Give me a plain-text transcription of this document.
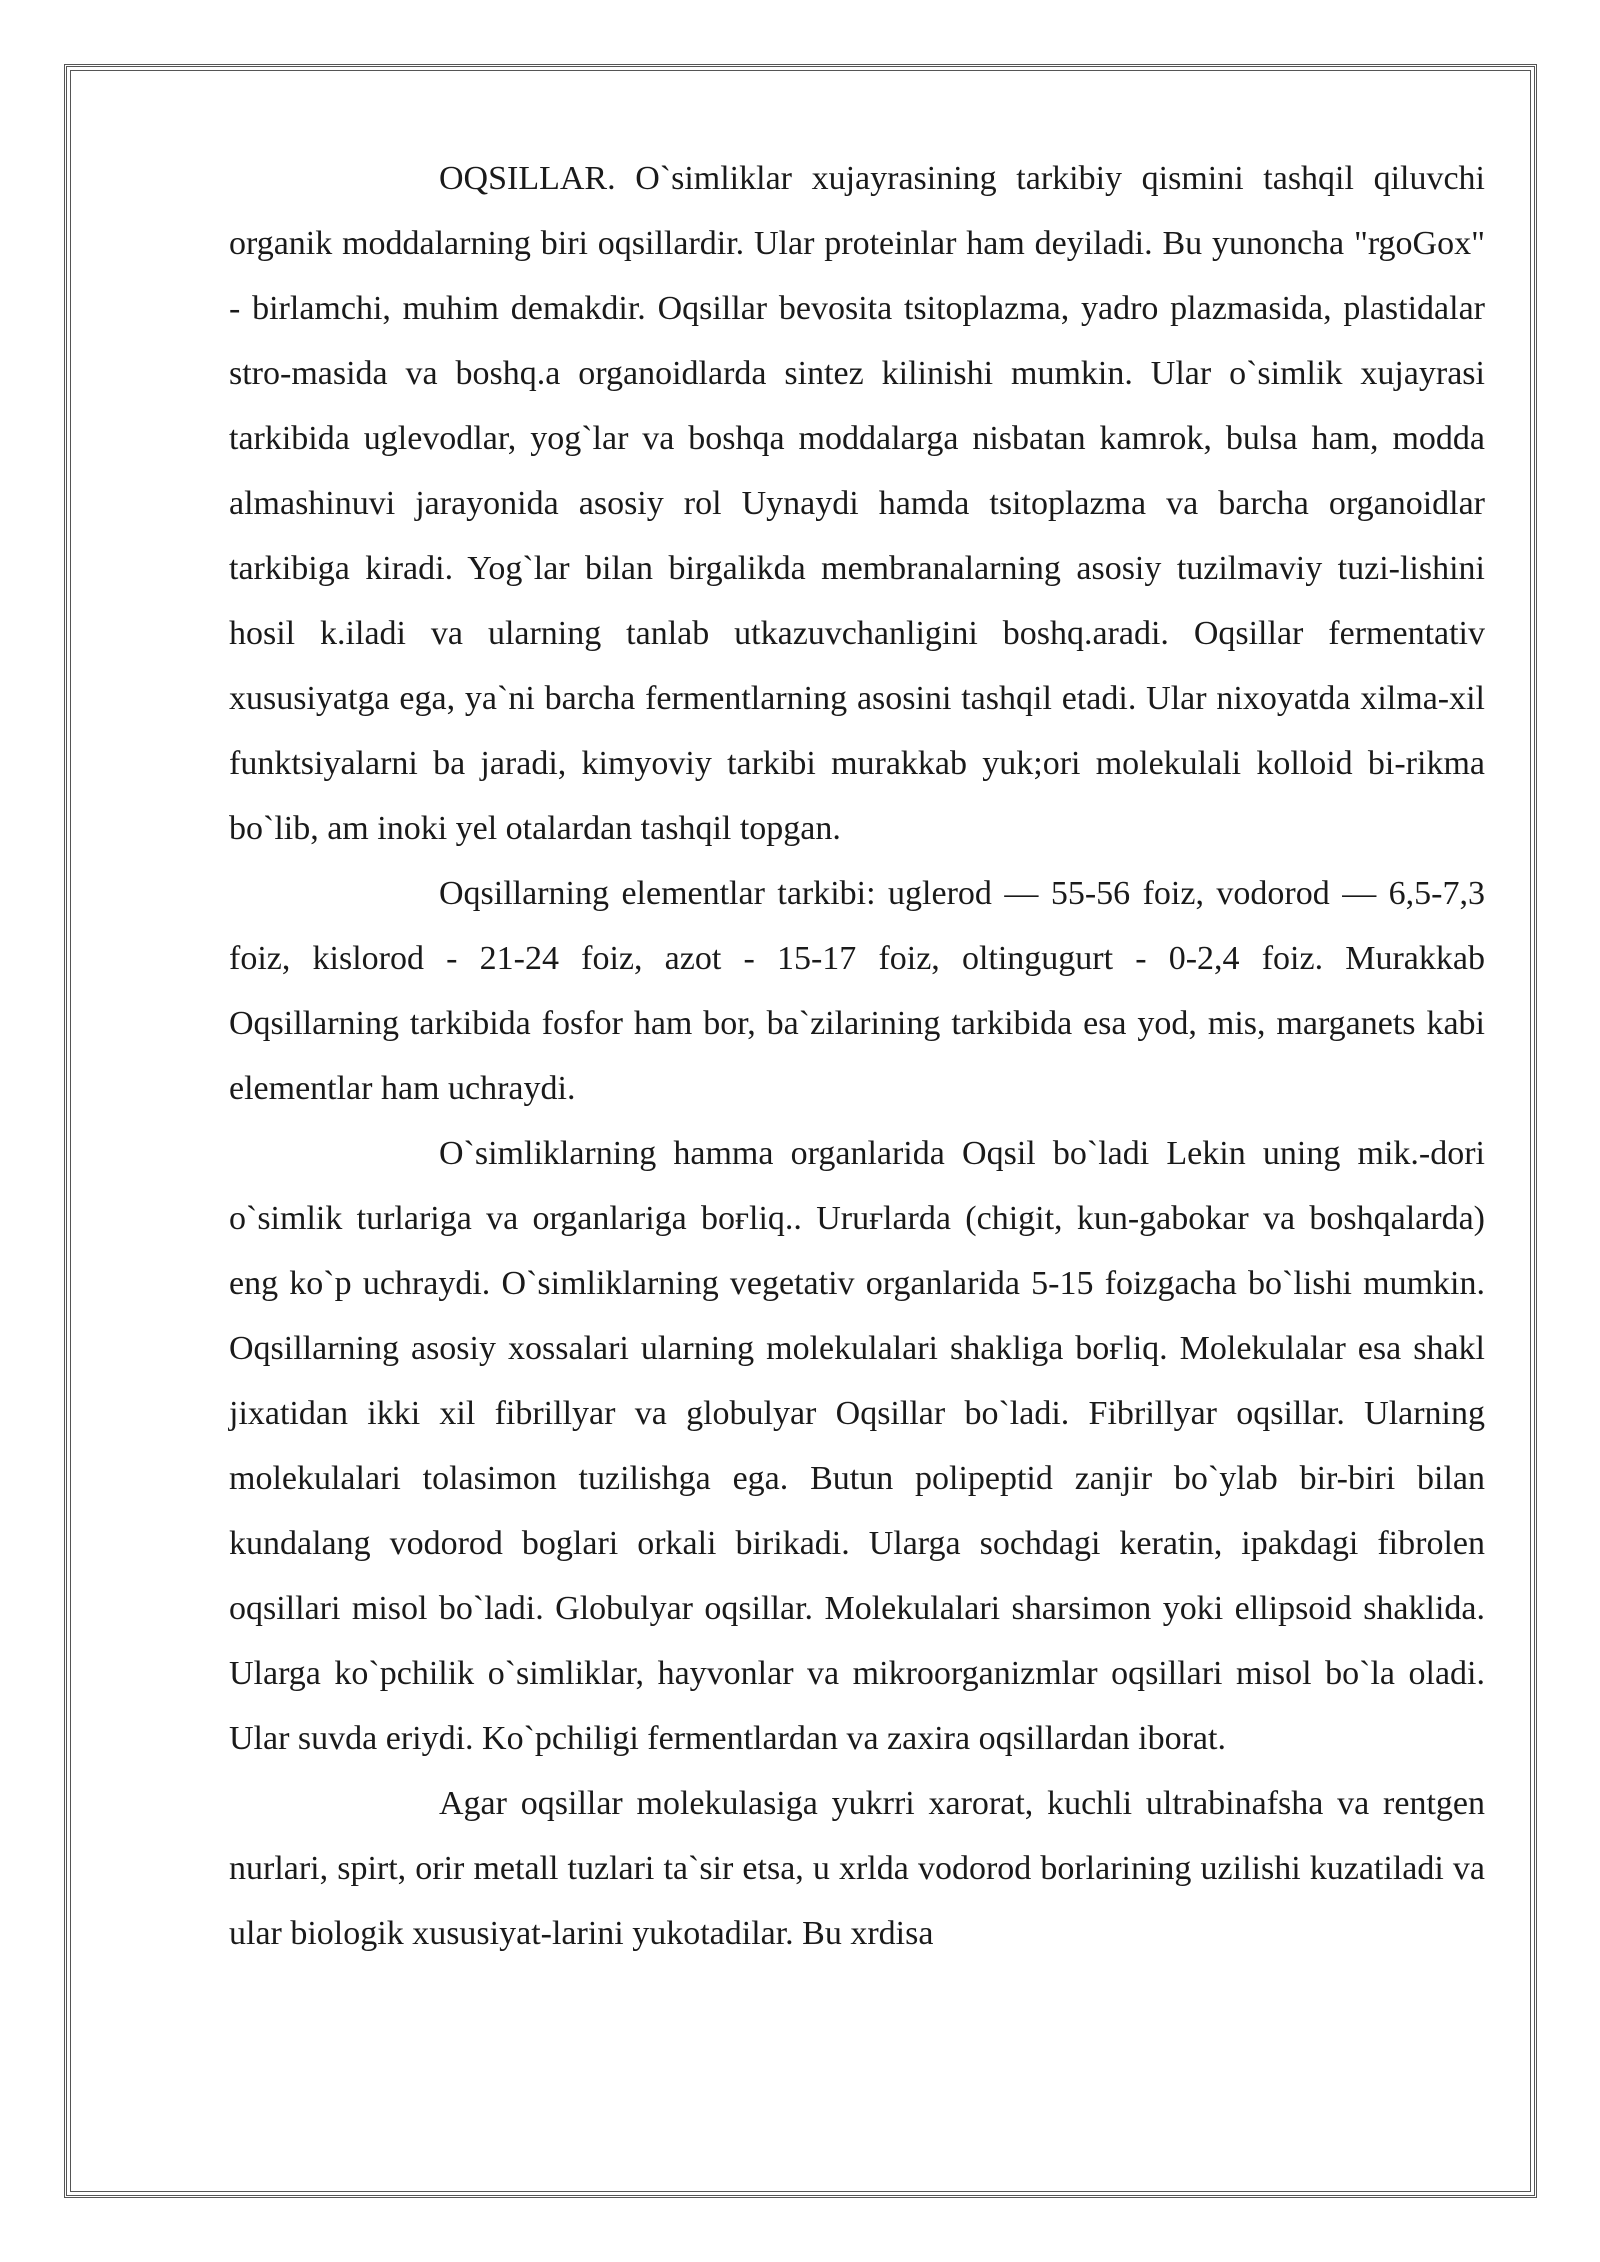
OQSILLAR. O`simliklar xujayrasining tarkibiy qismini tashqil qiluvchi organik moddalarning biri oqsillardir. Ular proteinlar ham deyiladi. Bu yunoncha "rgoGox" - birlamchi, muhim demakdir. Oqsillar bevosita tsitoplazma, yadro plazmasida, plastidalar stro-masida va boshq.a organoidlarda sintez kilinishi mumkin. Ular o`simlik xujayrasi tarkibida uglevodlar, yog`lar va boshqa moddalarga nisbatan kamrok, bulsa ham, modda almashinuvi jarayonida asosiy rol Uynaydi hamda tsitoplazma va barcha organoidlar tarkibiga kiradi. Yog`lar bilan birgalikda membranalarning asosiy tuzilmaviy tuzi-lishini hosil k.iladi va ularning tanlab utkazuvchanligini boshq.aradi. Oqsillar fermentativ xususiyatga ega, ya`ni barcha fermentlarning asosini tashqil etadi. Ular nixoyatda xilma-xil funktsiyalarni ba jaradi, kimyoviy tarkibi murakkab yuk;ori molekulali kolloid bi-rikma bo`lib, am inoki yel otalardan tashqil topgan.

Oqsillarning elementlar tarkibi: uglerod — 55-56 foiz, vodorod — 6,5-7,3 foiz, kislorod - 21-24 foiz, azot - 15-17 foiz, oltingugurt - 0-2,4 foiz. Murakkab Oqsillarning tarkibida fosfor ham bor, ba`zilarining tarkibida esa yod, mis, marganets kabi elementlar ham uchraydi.

O`simliklarning hamma organlarida Oqsil bo`ladi Lekin uning mik.-dori o`simlik turlariga va organlariga boғliq.. Uruғlarda (chigit, kun-gabokar va boshqalarda) eng ko`p uchraydi. O`simliklarning vegetativ organlarida 5-15 foizgacha bo`lishi mumkin. Oqsillarning asosiy xossalari ularning molekulalari shakliga boғliq. Molekulalar esa shakl jixatidan ikki xil fibrillyar va globulyar Oqsillar bo`ladi. Fibrillyar oqsillar. Ularning molekulalari tolasimon tuzilishga ega. Butun polipeptid zanjir bo`ylab bir-biri bilan kundalang vodorod boglari orkali birikadi. Ularga sochdagi keratin, ipakdagi fibrolen oqsillari misol bo`ladi. Globulyar oqsillar. Molekulalari sharsimon yoki ellipsoid shaklida. Ularga ko`pchilik o`simliklar, hayvonlar va mikroorganizmlar oqsillari misol bo`la oladi. Ular suvda eriydi. Ko`pchiligi fermentlardan va zaxira oqsillardan iborat.

Agar oqsillar molekulasiga yukrri xarorat, kuchli ultrabinafsha va rentgen nurlari, spirt, orir metall tuzlari ta`sir etsa, u xrlda vodorod borlarining uzilishi kuzatiladi va ular biologik xususiyat-larini yukotadilar. Bu xrdisa
